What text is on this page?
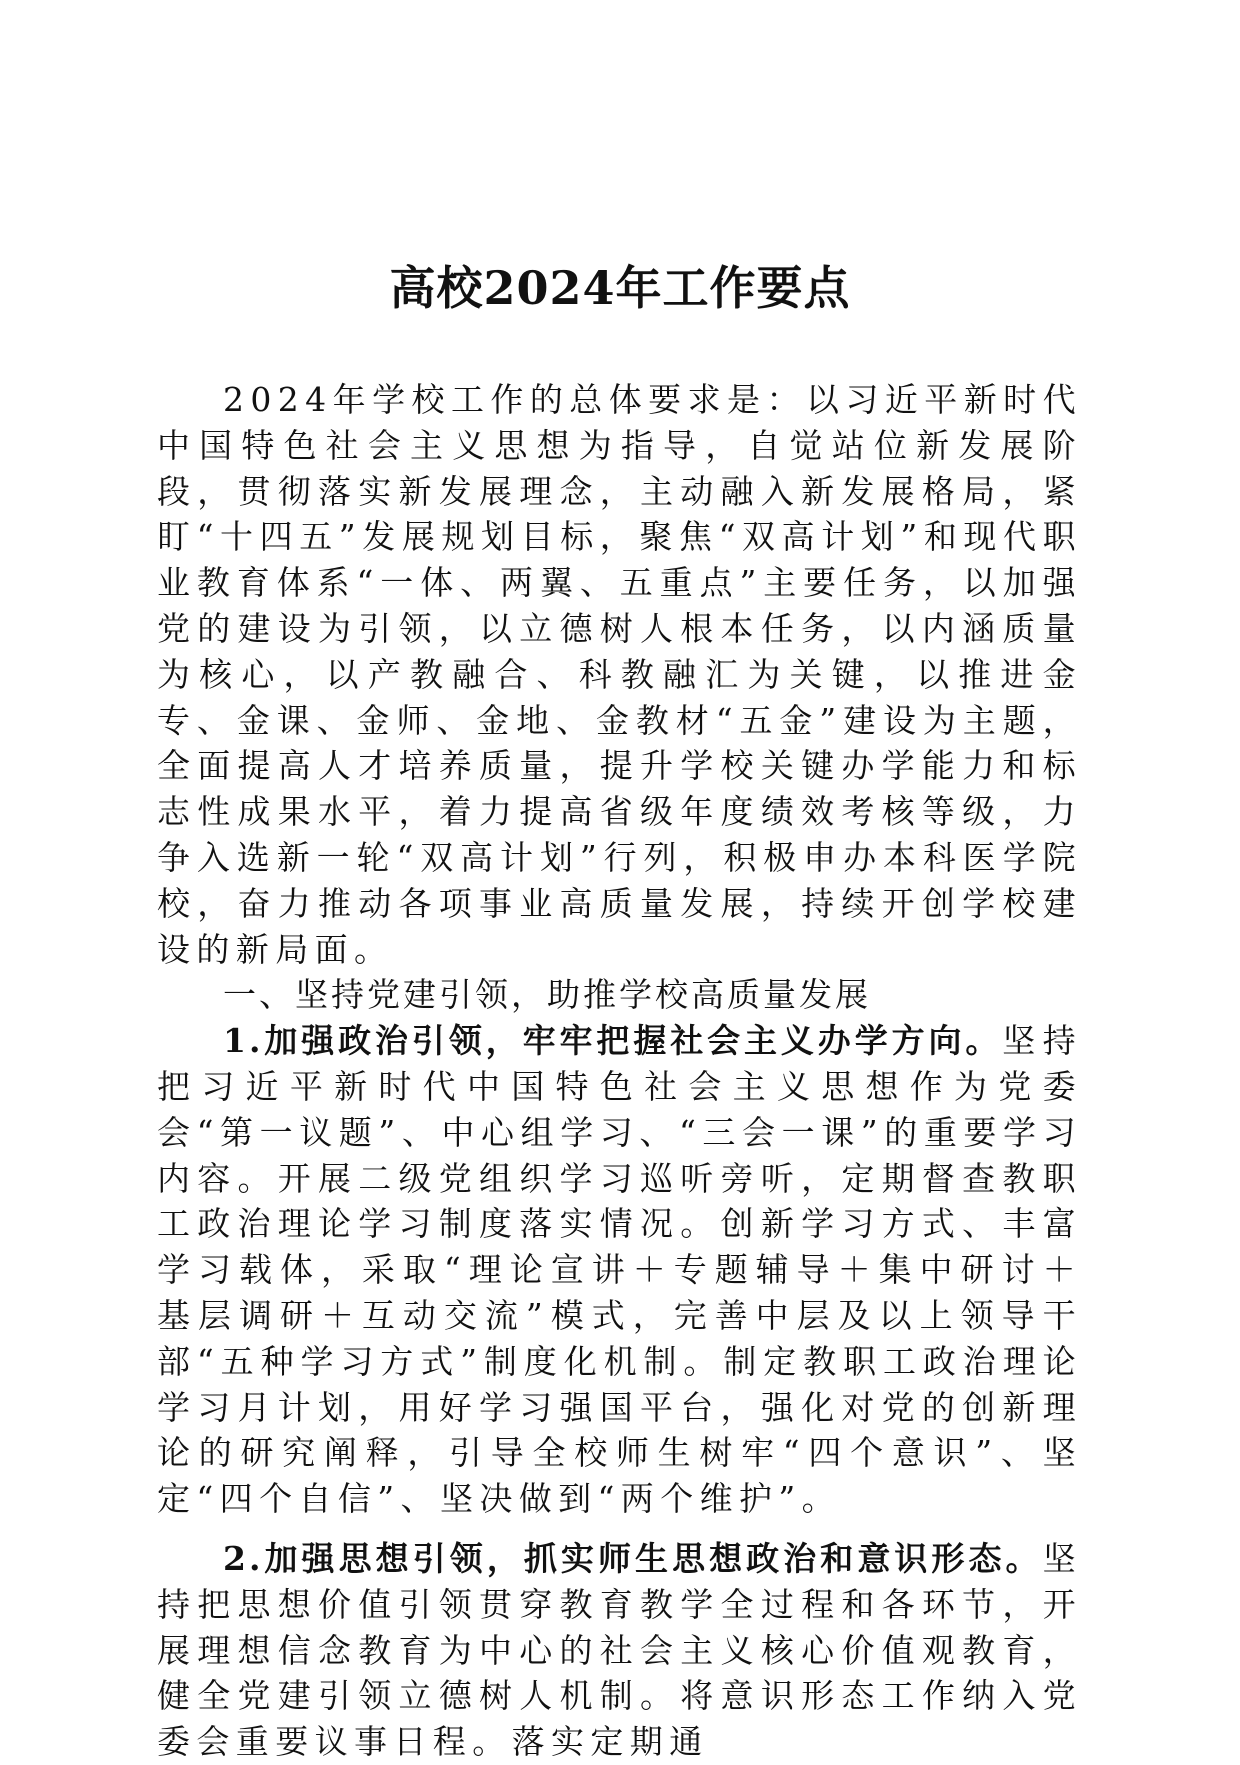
高校2024年工作要点

2024年学校工作的总体要求是：以习近平新时代中国特色社会主义思想为指导，自觉站位新发展阶段，贯彻落实新发展理念，主动融入新发展格局，紧盯“十四五”发展规划目标，聚焦“双高计划”和现代职业教育体系“一体、两翼、五重点”主要任务，以加强党的建设为引领，以立德树人根本任务，以内涵质量为核心，以产教融合、科教融汇为关键，以推进金专、金课、金师、金地、金教材“五金”建设为主题，全面提高人才培养质量，提升学校关键办学能力和标志性成果水平，着力提高省级年度绩效考核等级，力争入选新一轮“双高计划”行列，积极申办本科医学院校，奋力推动各项事业高质量发展，持续开创学校建设的新局面。

一、坚持党建引领，助推学校高质量发展

1.加强政治引领，牢牢把握社会主义办学方向。坚持把习近平新时代中国特色社会主义思想作为党委会“第一议题”、中心组学习、“三会一课”的重要学习内容。开展二级党组织学习巡听旁听，定期督查教职工政治理论学习制度落实情况。创新学习方式、丰富学习载体，采取“理论宣讲＋专题辅导＋集中研讨＋基层调研＋互动交流”模式，完善中层及以上领导干部“五种学习方式”制度化机制。制定教职工政治理论学习月计划，用好学习强国平台，强化对党的创新理论的研究阐释，引导全校师生树牢“四个意识”、坚定“四个自信”、坚决做到“两个维护”。

2.加强思想引领，抓实师生思想政治和意识形态。坚持把思想价值引领贯穿教育教学全过程和各环节，开展理想信念教育为中心的社会主义核心价值观教育，健全党建引领立德树人机制。将意识形态工作纳入党委会重要议事日程。落实定期通
